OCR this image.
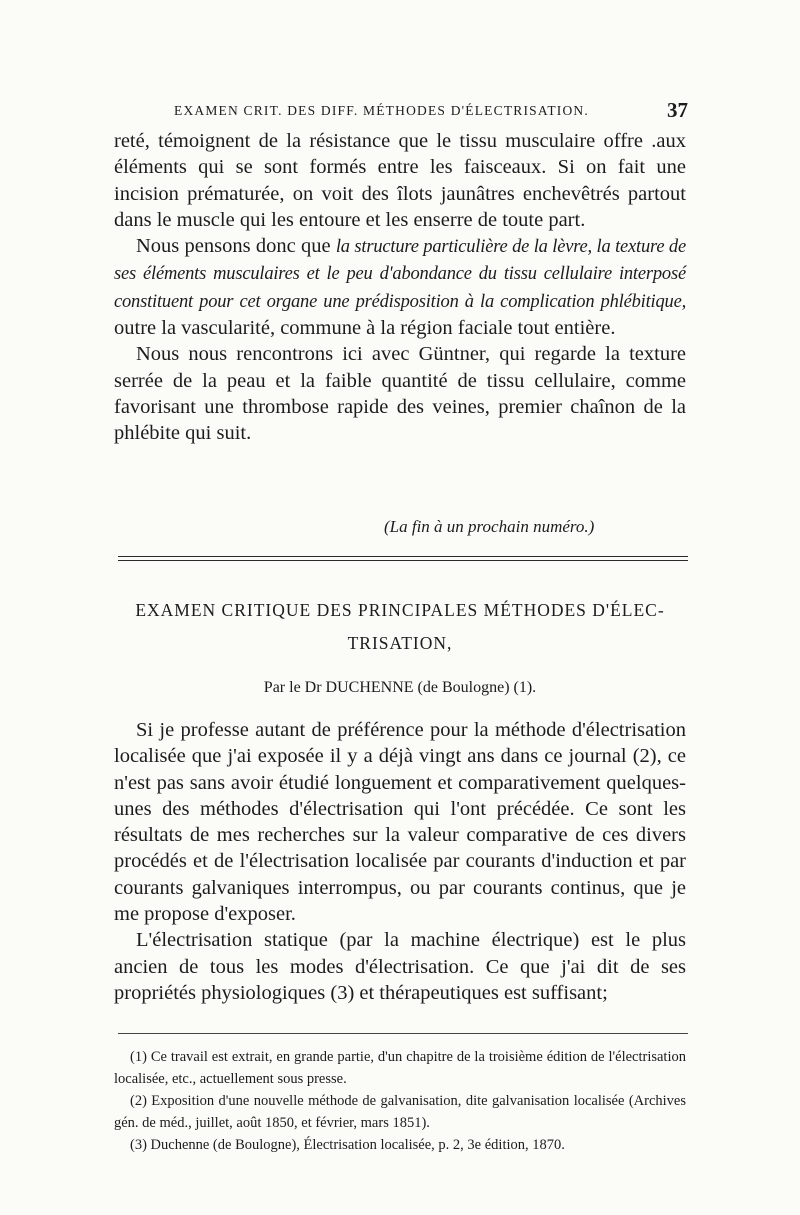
EXAMEN CRIT. DES DIFF. MÉTHODES D'ÉLECTRISATION.	37

reté, témoignent de la résistance que le tissu musculaire offre .aux éléments qui se sont formés entre les faisceaux. Si on fait une incision prématurée, on voit des îlots jaunâtres enchevêtrés partout dans le muscle qui les entoure et les enserre de toute part.

Nous pensons donc que la structure particulière de la lèvre, la texture de ses éléments musculaires et le peu d'abondance du tissu cellulaire interposé constituent pour cet organe une prédisposition à la complication phlébitique, outre la vascularité, commune à la région faciale tout entière.

Nous nous rencontrons ici avec Güntner, qui regarde la texture serrée de la peau et la faible quantité de tissu cellulaire, comme favorisant une thrombose rapide des veines, premier chaînon de la phlébite qui suit.

(La fin à un prochain numéro.)
EXAMEN CRITIQUE DES PRINCIPALES MÉTHODES D'ÉLEC-
TRISATION,
Par le Dr DUCHENNE (de Boulogne) (1).

Si je professe autant de préférence pour la méthode d'électrisation localisée que j'ai exposée il y a déjà vingt ans dans ce journal (2), ce n'est pas sans avoir étudié longuement et comparativement quelques-unes des méthodes d'électrisation qui l'ont précédée. Ce sont les résultats de mes recherches sur la valeur comparative de ces divers procédés et de l'électrisation localisée par courants d'induction et par courants galvaniques interrompus, ou par courants continus, que je me propose d'exposer.

L'électrisation statique (par la machine électrique) est le plus ancien de tous les modes d'électrisation. Ce que j'ai dit de ses propriétés physiologiques (3) et thérapeutiques est suffisant;

(1) Ce travail est extrait, en grande partie, d'un chapitre de la troisième édition de l'électrisation localisée, etc., actuellement sous presse.

(2) Exposition d'une nouvelle méthode de galvanisation, dite galvanisation localisée (Archives gén. de méd., juillet, août 1850, et février, mars 1851).

(3) Duchenne (de Boulogne), Électrisation localisée, p. 2, 3e édition, 1870.
